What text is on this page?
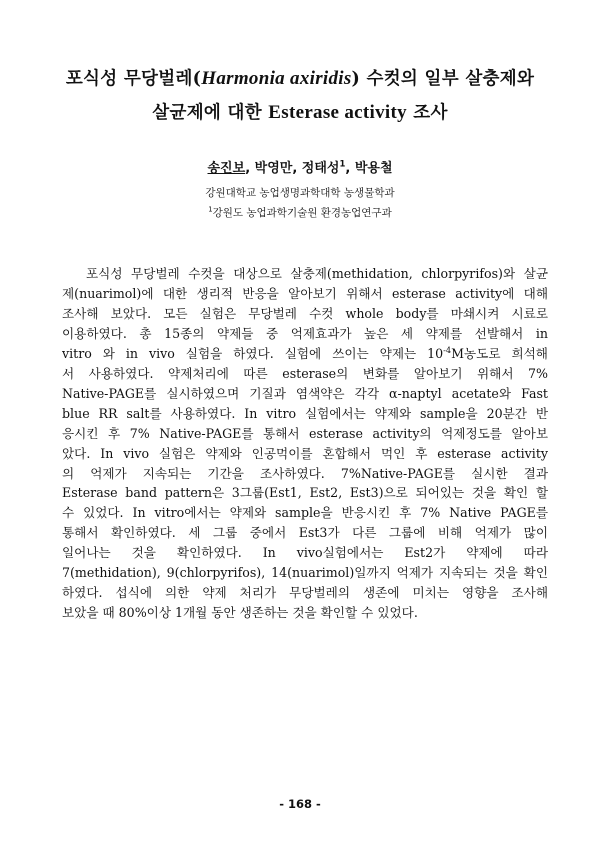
포식성 무당벌레(Harmonia axiridis) 수컷의 일부 살충제와
살균제에 대한 Esterase activity 조사
송진보, 박영만, 정태성$^1$, 박용철
강원대학교 농업생명과학대학 농생물학과
$^1$강원도 농업과학기술원 환경농업연구과

포식성 무당벌레 수컷을 대상으로 살충제(methidation, chlorpyrifos)와 살균
제(nuarimol)에 대한 생리적 반응을 알아보기 위해서 esterase activity에 대해
조사해 보았다. 모든 실험은 무당벌레 수컷 whole body를 마쇄시켜 시료로
이용하였다. 총 15종의 약제들 중 억제효과가 높은 세 약제를 선발해서 in
vitro 와 in vivo 실험을 하였다. 실험에 쓰이는 약제는 $10^{-4}M$농도로 희석해
서 사용하였다. 약제처리에 따른 esterase의 변화를 알아보기 위해서 7%
Native-PAGE를 실시하였으며 기질과 염색약은 각각 α-naptyl acetate와 Fast
blue RR salt를 사용하였다. In vitro 실험에서는 약제와 sample을 20분간 반
응시킨 후 7% Native-PAGE를 통해서 esterase activity의 억제정도를 알아보
았다. In vivo 실험은 약제와 인공먹이를 혼합해서 먹인 후 esterase activity
의 억제가 지속되는 기간을 조사하였다. 7%Native-PAGE를 실시한 결과
Esterase band pattern은 3그룹(Est1, Est2, Est3)으로 되어있는 것을 확인 할
수 있었다. In vitro에서는 약제와 sample을 반응시킨 후 7% Native PAGE를
통해서 확인하였다. 세 그룹 중에서 Est3가 다른 그룹에 비해 억제가 많이
일어나는 것을 확인하였다. In vivo실험에서는 Est2가 약제에 따라
7(methidation), 9(chlorpyrifos), 14(nuarimol)일까지 억제가 지속되는 것을 확인
하였다. 섭식에 의한 약제 처리가 무당벌레의 생존에 미치는 영향을 조사해
보았을 때 80%이상 1개월 동안 생존하는 것을 확인할 수 있었다.

- 168 -
